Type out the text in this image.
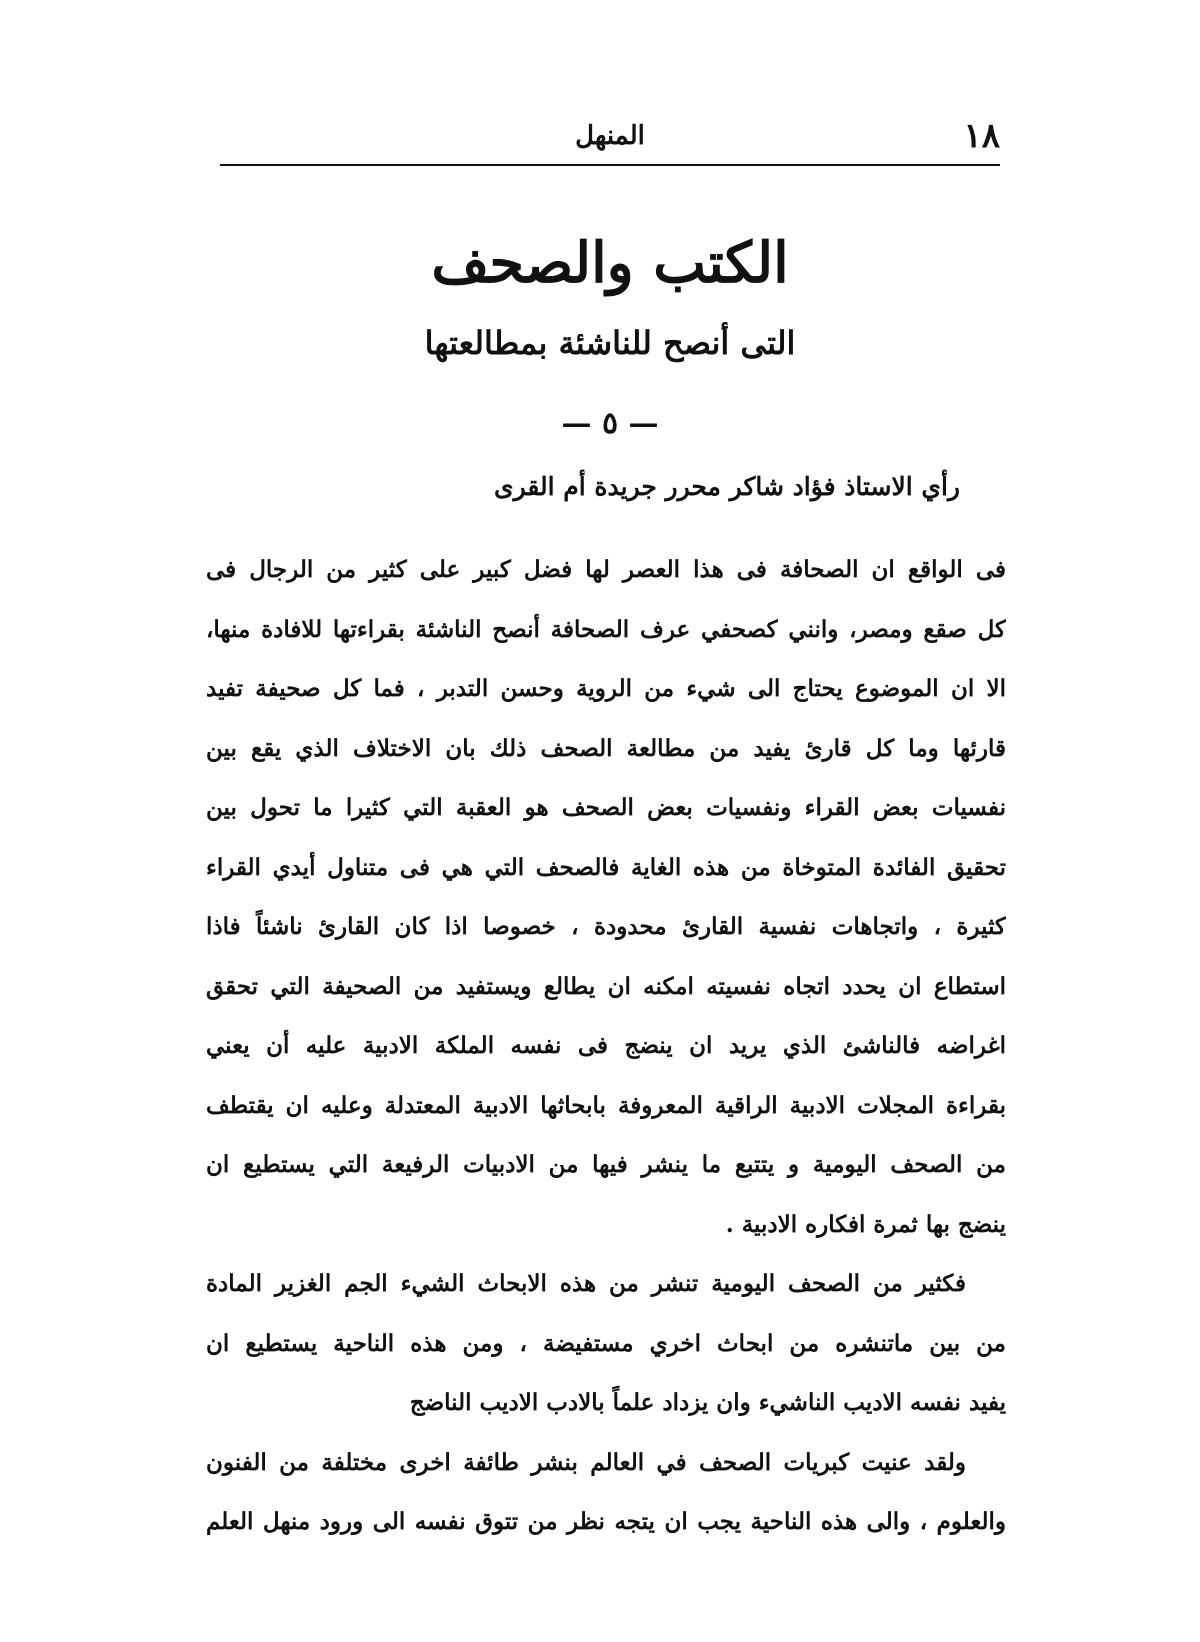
١٨
المنهل
الكتب والصحف
التى أنصح للناشئة بمطالعتها
— ٥ —
رأي الاستاذ فؤاد شاكر محرر جريدة أم القرى
فى الواقع ان الصحافة فى هذا العصر لها فضل كبير على كثير من الرجال فى
كل صقع ومصر، وانني كصحفي عرف الصحافة أنصح الناشئة بقراءتها للافادة منها،
الا ان الموضوع يحتاج الى شيء من الروية وحسن التدبر ، فما كل صحيفة تفيد
قارئها وما كل قارئ يفيد من مطالعة الصحف ذلك بان الاختلاف الذي يقع بين
نفسيات بعض القراء ونفسيات بعض الصحف هو العقبة التي كثيرا ما تحول بين
تحقيق الفائدة المتوخاة من هذه الغاية فالصحف التي هي فى متناول أيدي القراء
كثيرة ، واتجاهات نفسية القارئ محدودة ، خصوصا اذا كان القارئ ناشئاً فاذا
استطاع ان يحدد اتجاه نفسيته امكنه ان يطالع ويستفيد من الصحيفة التي تحقق
اغراضه فالناشئ الذي يريد ان ينضج فى نفسه الملكة الادبية عليه أن يعني
بقراءة المجلات الادبية الراقية المعروفة بابحاثها الادبية المعتدلة وعليه ان يقتطف
من الصحف اليومية و يتتبع ما ينشر فيها من الادبيات الرفيعة التي يستطيع ان
ينضج بها ثمرة افكاره الادبية .
فكثير من الصحف اليومية تنشر من هذه الابحاث الشيء الجم الغزير المادة
من بين ماتنشره من ابحاث اخري مستفيضة ، ومن هذه الناحية يستطيع ان
يفيد نفسه الاديب الناشيء وان يزداد علماً بالادب الاديب الناضج
ولقد عنيت كبريات الصحف في العالم بنشر طائفة اخرى مختلفة من الفنون
والعلوم ، والى هذه الناحية يجب ان يتجه نظر من تتوق نفسه الى ورود منهل العلم
